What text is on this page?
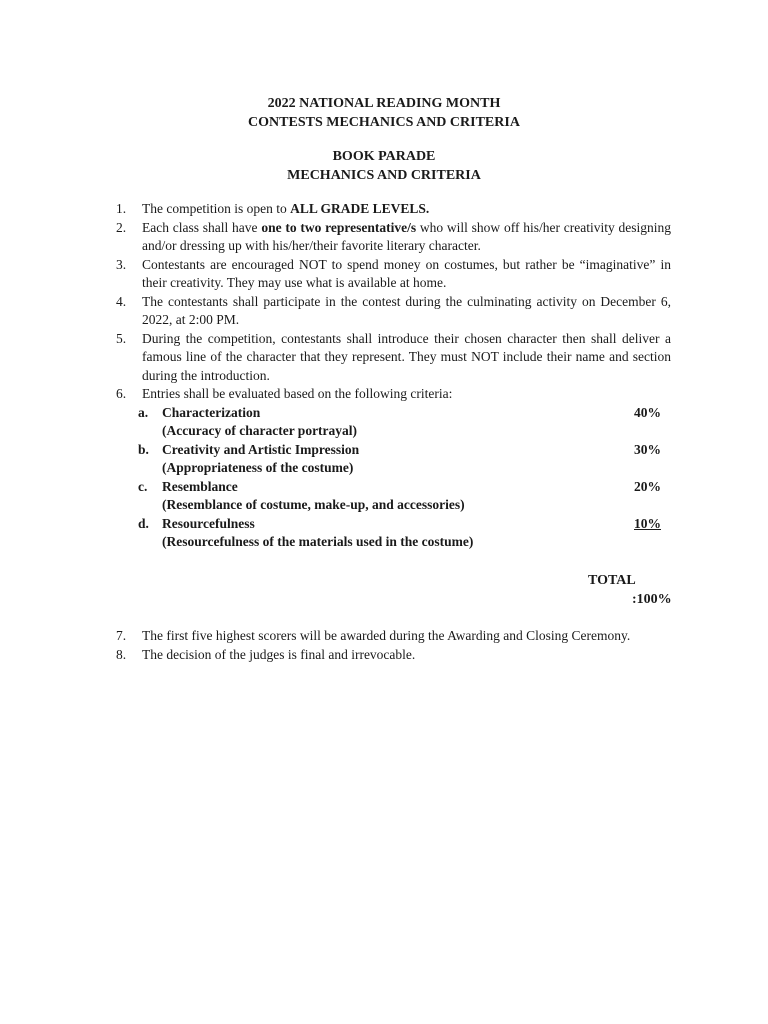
2022 NATIONAL READING MONTH
CONTESTS MECHANICS AND CRITERIA
BOOK PARADE
MECHANICS AND CRITERIA
1. The competition is open to ALL GRADE LEVELS.
2. Each class shall have one to two representative/s who will show off his/her creativity designing and/or dressing up with his/her/their favorite literary character.
3. Contestants are encouraged NOT to spend money on costumes, but rather be “imaginative” in their creativity. They may use what is available at home.
4. The contestants shall participate in the contest during the culminating activity on December 6, 2022, at 2:00 PM.
5. During the competition, contestants shall introduce their chosen character then shall deliver a famous line of the character that they represent. They must NOT include their name and section during the introduction.
6. Entries shall be evaluated based on the following criteria:
a. Characterization
(Accuracy of character portrayal)
40%
b. Creativity and Artistic Impression
(Appropriateness of the costume)
30%
c. Resemblance
(Resemblance of costume, make-up, and accessories)
20%
d. Resourcefulness
(Resourcefulness of the materials used in the costume)
10%
TOTAL
:100%
7. The first five highest scorers will be awarded during the Awarding and Closing Ceremony.
8. The decision of the judges is final and irrevocable.
